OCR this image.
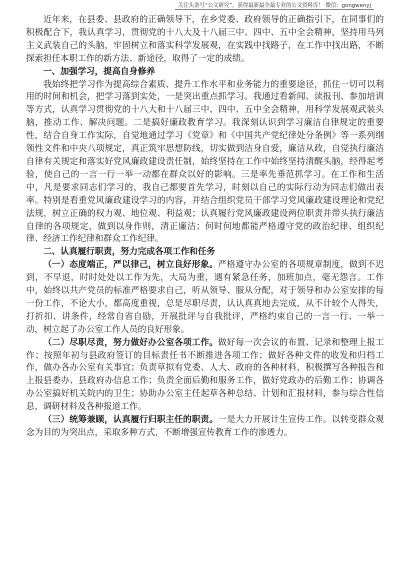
关注头条号“公文研究”，获得最新最全最专业的公文资料库！ 微信：gongwenyj

近年来，在县委、县政府的正确领导下，在乡党委、政府领导的正确指引下，在同事们的积极配合下，我认真学习，贯彻党的十八大及十八届三中、四中、五中全会精神，坚持用马列主义武装自己的头脑，牢固树立和落实科学发展观，在实践中找路子，在工作中找出路，不断探索担任本职工作的新方法、新途径，取得了一定的成绩。

一、加强学习，提高自身修养

我始终把学习作为提高综合素质、提升工作水平和业务能力的重要途径，抓住一切可以利用的时间和机会，把学习落到实处，一是突出重点抓学习。我通过看新闻、读报刊、参加培训等方式，认真学习贯彻党的十八大和十八届三中、四中、五中全会精神，用科学发展观武装头脑，推动工作、解决问题。二是搞好廉政教育学习。我深刻认识到学习廉洁自律规定的重要性，结合自身工作实际，自觉地通过学习《党章》和《中国共产党纪律处分条例》等一系列纲领性文件和中央八项规定，真正筑牢思想防线，切实做到洁身自爱，廉洁从政，自觉执行廉洁自律有关规定和落实好党风廉政建设责任制，始终坚持在工作中始终坚持清醒头脑，经得起考验，使自己的一言一行一举一动都在群众以好的影响。三是率先垂范抓学习。在工作和生活中，凡是要求同志们学习的，我自己都要首先学习，时刻以自己的实际行动为同志们做出表率。特别是看重党风廉政建设学习的内容，并结合组织党员干部学习党风廉政建设理论和党纪法规，树立正确的权力观、地位观、利益观；认真履行党风廉政建设两位职责并带头执行廉洁自律的各项规定，做到以身作则，清正廉洁；何时何地都能严格遵守党的政治纪律、组织纪律、经济工作纪律和群众工作纪律。

二、认真履行职责，努力完成各项工作和任务

（一）态度端正，严以律己，树立良好形象。严格遵守办公室的各项规章制度，做到不迟到，不早退，时时处处以工作为先，大局为重，遇有紧急任务，加班加点，毫无怨言。工作中，始终以共产党员的标准严格要求自己，听从领导、服从分配，对于领导和办公室安排的每一份工作，不论大小，都高度重视，总是尽职尽责，认认真真地去完成，从不计较个人得失，打折扣、讲条件，经常自省自励，开展批评与自我批评，严格约束自己的一言一行、一举一动，树立起了办公室工作人员的良好形象。

（二）尽职尽责，努力做好办公室各项工作。做好每一次会议的布置、记录和整理上报工作；按照年初与县政府签订的目标责任书不断推进各项工作；做好各种文件的收发和归档工作，做办各办公室有关事宜；负责草拟有党委、人大、政府的各种材料，积极撰写各种报告和上报县委办、县政府办信息工作；负责全面后勤和服务工作，做好党政办的后勤工作；协调各办公室搞好机关院内的卫生；协助办公室主任起草各种总结、计划和汇报材料，参与综合性信息，调研材料及各种报道工作。

（三）统筹兼顾，认真履行归职主任的职责。一是大力开展计生宣传工作。以转变群众观念为目的为突出点，采取多种方式，不断增强宣传教育工作的渗透力。
